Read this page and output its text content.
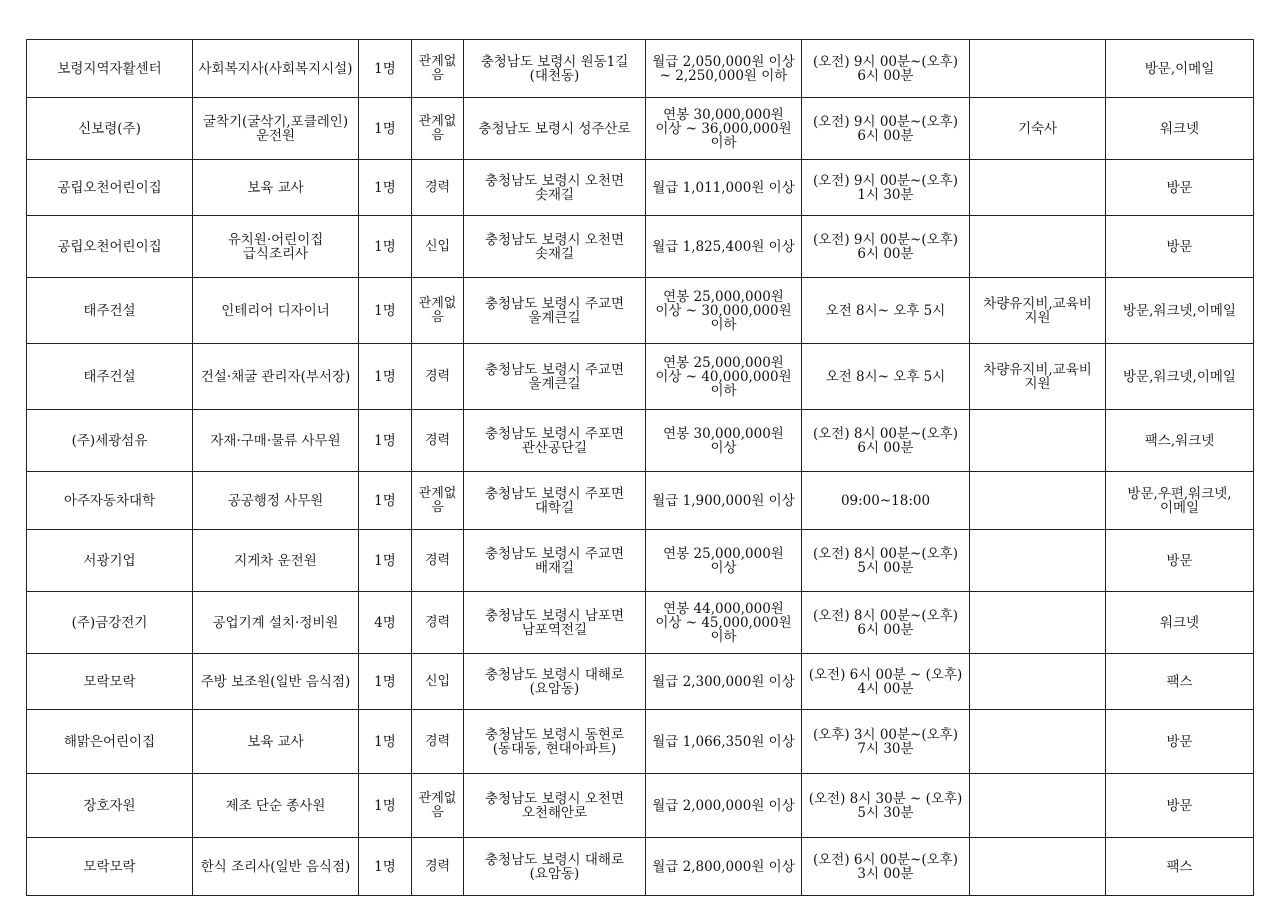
보령지역자활센터	사회복지사(사회복지시설)	1명	관계없음	충청남도 보령시 원동1길 (대천동)	월급 2,050,000원 이상 ~ 2,250,000원 이하	(오전) 9시 00분~(오후) 6시 00분		방문,이메일
신보령(주)	굴착기(굴삭기,포클레인) 운전원	1명	관계없음	충청남도 보령시 성주산로	연봉 30,000,000원 이상 ~ 36,000,000원 이하	(오전) 9시 00분~(오후) 6시 00분	기숙사	워크넷
공립오천어린이집	보육 교사	1명	경력	충청남도 보령시 오천면 솟재길	월급 1,011,000원 이상	(오전) 9시 00분~(오후) 1시 30분		방문
공립오천어린이집	유치원·어린이집 급식조리사	1명	신입	충청남도 보령시 오천면 솟재길	월급 1,825,400원 이상	(오전) 9시 00분~(오후) 6시 00분		방문
태주건설	인테리어 디자이너	1명	관계없음	충청남도 보령시 주교면 울계큰길	연봉 25,000,000원 이상 ~ 30,000,000원 이하	오전 8시~ 오후 5시	차량유지비,교육비 지원	방문,워크넷,이메일
태주건설	건설·채굴 관리자(부서장)	1명	경력	충청남도 보령시 주교면 울계큰길	연봉 25,000,000원 이상 ~ 40,000,000원 이하	오전 8시~ 오후 5시	차량유지비,교육비 지원	방문,워크넷,이메일
(주)세광섬유	자재·구매·물류 사무원	1명	경력	충청남도 보령시 주포면 관산공단길	연봉 30,000,000원 이상	(오전) 8시 00분~(오후) 6시 00분		팩스,워크넷
아주자동차대학	공공행정 사무원	1명	관계없음	충청남도 보령시 주포면 대학길	월급 1,900,000원 이상	09:00~18:00		방문,우편,워크넷,이메일
서광기업	지게차 운전원	1명	경력	충청남도 보령시 주교면 배재길	연봉 25,000,000원 이상	(오전) 8시 00분~(오후) 5시 00분		방문
(주)금강전기	공업기계 설치·정비원	4명	경력	충청남도 보령시 남포면 남포역전길	연봉 44,000,000원 이상 ~ 45,000,000원 이하	(오전) 8시 00분~(오후) 6시 00분		워크넷
모락모락	주방 보조원(일반 음식점)	1명	신입	충청남도 보령시 대해로 (요암동)	월급 2,300,000원 이상	(오전) 6시 00분 ~ (오후) 4시 00분		팩스
해맑은어린이집	보육 교사	1명	경력	충청남도 보령시 동현로 (동대동, 현대아파트)	월급 1,066,350원 이상	(오후) 3시 00분~(오후) 7시 30분		방문
장호자원	제조 단순 종사원	1명	관계없음	충청남도 보령시 오천면 오천해안로	월급 2,000,000원 이상	(오전) 8시 30분 ~ (오후) 5시 30분		방문
모락모락	한식 조리사(일반 음식점)	1명	경력	충청남도 보령시 대해로 (요암동)	월급 2,800,000원 이상	(오전) 6시 00분~(오후) 3시 00분		팩스
